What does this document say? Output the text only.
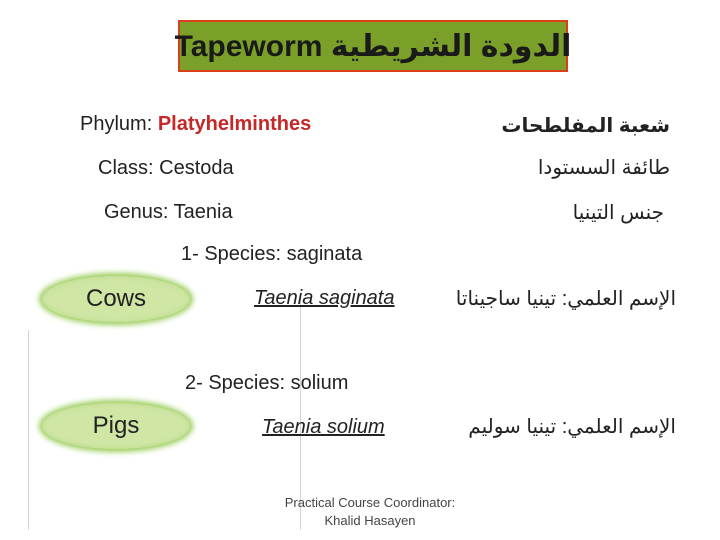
Tapeworm الدودة الشريطية
Phylum: Platyhelminthes	شعبة المفلطحات
Class: Cestoda	طائفة السستودا
Genus: Taenia	جنس التينيا
1- Species: saginata
Cows	Taenia saginata	الإسم العلمي: تينيا ساجيناتا
2- Species: solium
Pigs	Taenia solium	الإسم العلمي: تينيا سوليم
Practical Course Coordinator:
Khalid Hasayen
